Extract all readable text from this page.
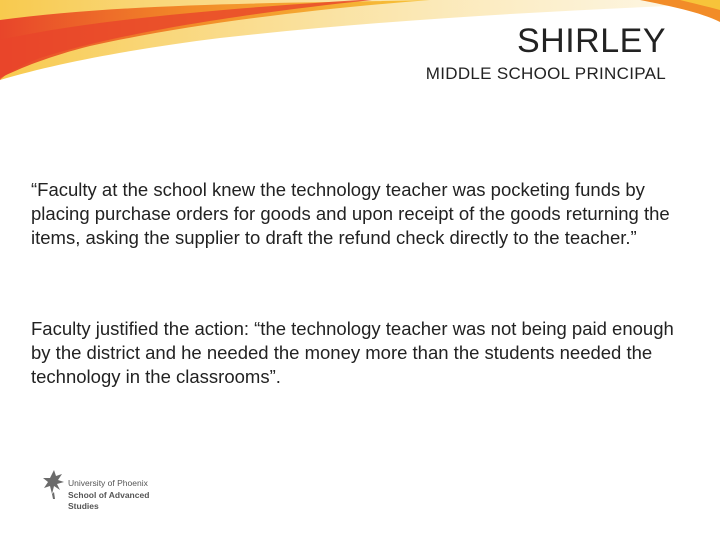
SHIRLEY
MIDDLE SCHOOL PRINCIPAL

“Faculty at the school knew the technology teacher was pocketing funds by placing purchase orders for goods and upon receipt of the goods returning the items, asking the supplier to draft the refund check directly to the teacher.”

Faculty justified the action: “the technology teacher was not being paid enough by the district and he needed the money more than the students needed the technology in the classrooms”.

University of Phoenix
School of Advanced
Studies
